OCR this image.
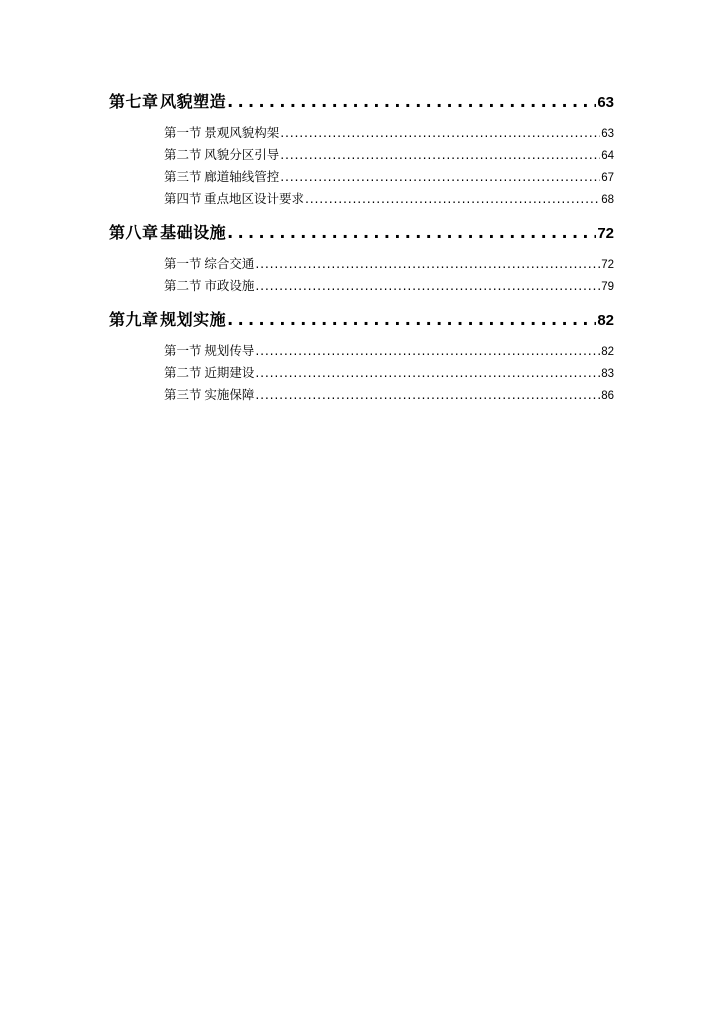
第七章 风貌塑造 . . .	63
第一节 景观风貌构架 . . .	63
第二节 风貌分区引导 . . .	64
第三节 廊道轴线管控 . . .	67
第四节 重点地区设计要求 . . .	68
第八章 基础设施 . . .	72
第一节 综合交通 . . .	72
第二节 市政设施 . . .	79
第九章 规划实施 . . .	82
第一节 规划传导 . . .	82
第二节 近期建设 . . .	83
第三节 实施保障 . . .	86
